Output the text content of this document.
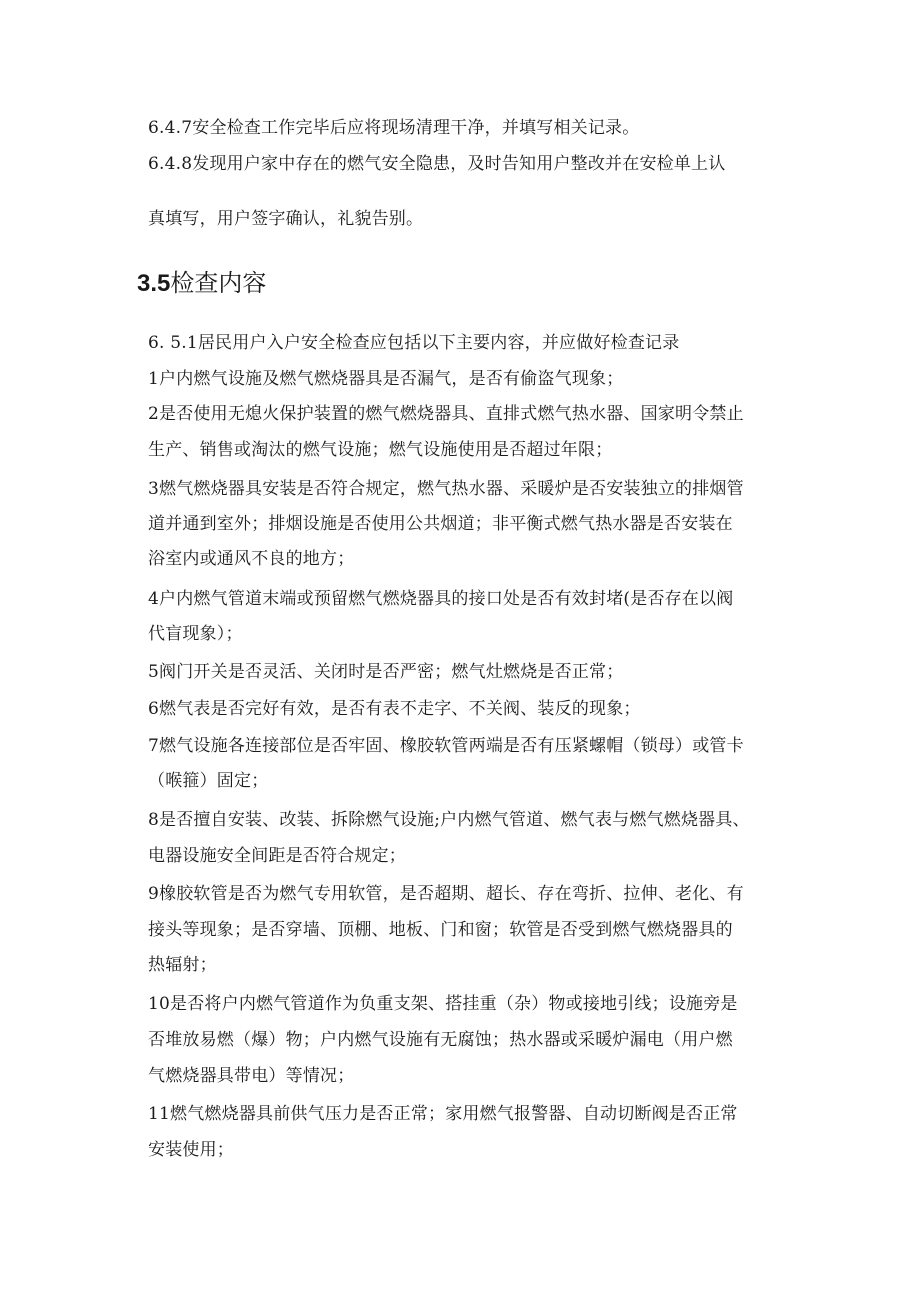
6.4.7安全检查工作完毕后应将现场清理干净，并填写相关记录。
6.4.8发现用户家中存在的燃气安全隐患，及时告知用户整改并在安检单上认
真填写，用户签字确认，礼貌告别。
3.5检查内容
6. 5.1居民用户入户安全检查应包括以下主要内容，并应做好检查记录
1户内燃气设施及燃气燃烧器具是否漏气，是否有偷盗气现象；
2是否使用无熄火保护装置的燃气燃烧器具、直排式燃气热水器、国家明令禁止
生产、销售或淘汰的燃气设施；燃气设施使用是否超过年限；
3燃气燃烧器具安装是否符合规定，燃气热水器、采暖炉是否安装独立的排烟管
道并通到室外；排烟设施是否使用公共烟道；非平衡式燃气热水器是否安装在
浴室内或通风不良的地方；
4户内燃气管道末端或预留燃气燃烧器具的接口处是否有效封堵(是否存在以阀
代盲现象）；
5阀门开关是否灵活、关闭时是否严密；燃气灶燃烧是否正常；
6燃气表是否完好有效，是否有表不走字、不关阀、装反的现象；
7燃气设施各连接部位是否牢固、橡胶软管两端是否有压紧螺帽（锁母）或管卡
（喉箍）固定；
8是否擅自安装、改装、拆除燃气设施;户内燃气管道、燃气表与燃气燃烧器具、
电器设施安全间距是否符合规定；
9橡胶软管是否为燃气专用软管，是否超期、超长、存在弯折、拉伸、老化、有
接头等现象；是否穿墙、顶棚、地板、门和窗；软管是否受到燃气燃烧器具的
热辐射；
10是否将户内燃气管道作为负重支架、搭挂重（杂）物或接地引线；设施旁是
否堆放易燃（爆）物；户内燃气设施有无腐蚀；热水器或采暖炉漏电（用户燃
气燃烧器具带电）等情况；
11燃气燃烧器具前供气压力是否正常；家用燃气报警器、自动切断阀是否正常
安装使用；
